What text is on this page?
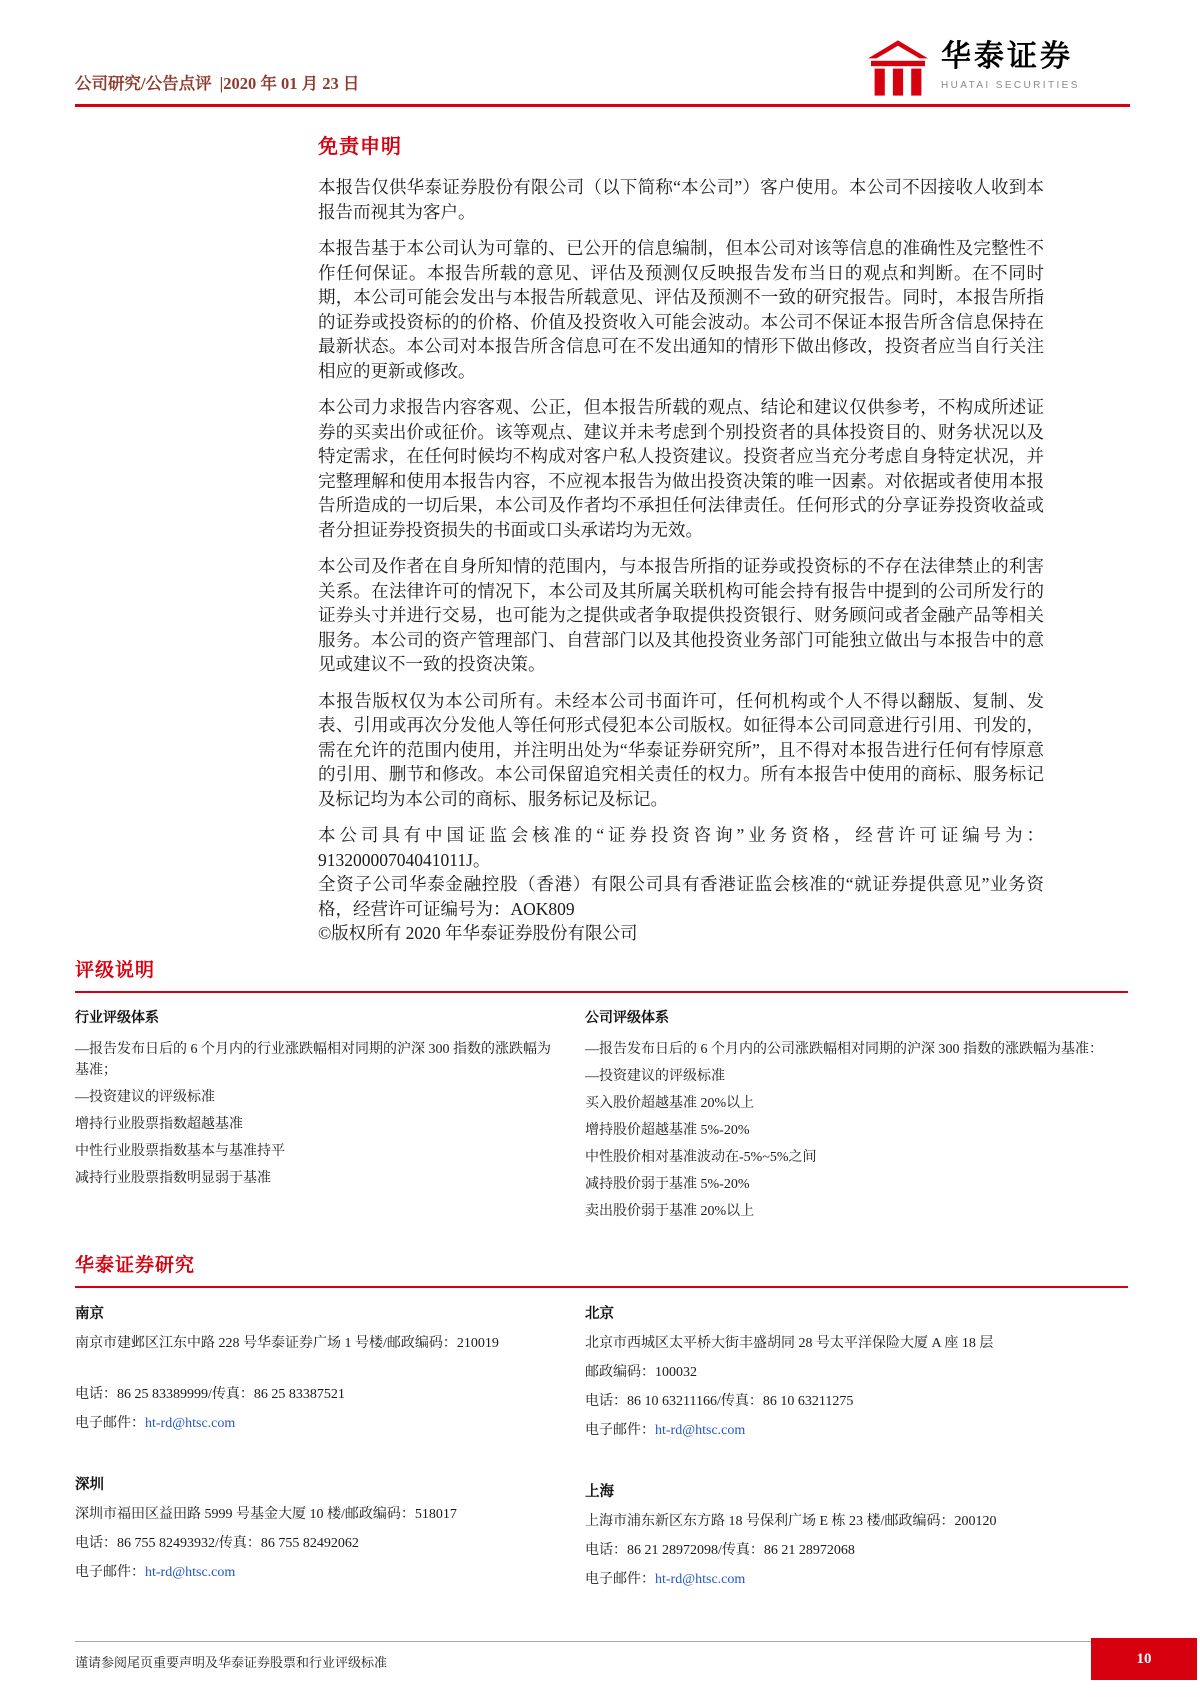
公司研究/公告点评 |2020 年 01 月 23 日
华泰证券
HUATAI SECURITIES
免责申明

本报告仅供华泰证券股份有限公司（以下简称“本公司”）客户使用。本公司不因接收人收到本报告而视其为客户。

本报告基于本公司认为可靠的、已公开的信息编制，但本公司对该等信息的准确性及完整性不作任何保证。本报告所载的意见、评估及预测仅反映报告发布当日的观点和判断。在不同时期，本公司可能会发出与本报告所载意见、评估及预测不一致的研究报告。同时，本报告所指的证券或投资标的的价格、价值及投资收入可能会波动。本公司不保证本报告所含信息保持在最新状态。本公司对本报告所含信息可在不发出通知的情形下做出修改，投资者应当自行关注相应的更新或修改。

本公司力求报告内容客观、公正，但本报告所载的观点、结论和建议仅供参考，不构成所述证券的买卖出价或征价。该等观点、建议并未考虑到个别投资者的具体投资目的、财务状况以及特定需求，在任何时候均不构成对客户私人投资建议。投资者应当充分考虑自身特定状况，并完整理解和使用本报告内容，不应视本报告为做出投资决策的唯一因素。对依据或者使用本报告所造成的一切后果，本公司及作者均不承担任何法律责任。任何形式的分享证券投资收益或者分担证券投资损失的书面或口头承诺均为无效。

本公司及作者在自身所知情的范围内，与本报告所指的证券或投资标的不存在法律禁止的利害关系。在法律许可的情况下，本公司及其所属关联机构可能会持有报告中提到的公司所发行的证券头寸并进行交易，也可能为之提供或者争取提供投资银行、财务顾问或者金融产品等相关服务。本公司的资产管理部门、自营部门以及其他投资业务部门可能独立做出与本报告中的意见或建议不一致的投资决策。

本报告版权仅为本公司所有。未经本公司书面许可，任何机构或个人不得以翻版、复制、发表、引用或再次分发他人等任何形式侵犯本公司版权。如征得本公司同意进行引用、刊发的，需在允许的范围内使用，并注明出处为“华泰证券研究所”，且不得对本报告进行任何有悖原意的引用、删节和修改。本公司保留追究相关责任的权力。所有本报告中使用的商标、服务标记及标记均为本公司的商标、服务标记及标记。

本公司具有中国证监会核准的“证券投资咨询”业务资格，经营许可证编号为：91320000704041011J。

全资子公司华泰金融控股（香港）有限公司具有香港证监会核准的“就证券提供意见”业务资格，经营许可证编号为：AOK809

©版权所有 2020 年华泰证券股份有限公司

评级说明
行业评级体系

—报告发布日后的 6 个月内的行业涨跌幅相对同期的沪深 300 指数的涨跌幅为基准；

—投资建议的评级标准

增持行业股票指数超越基准

中性行业股票指数基本与基准持平

减持行业股票指数明显弱于基准

公司评级体系

—报告发布日后的 6 个月内的公司涨跌幅相对同期的沪深 300 指数的涨跌幅为基准：

—投资建议的评级标准

买入股价超越基准 20%以上

增持股价超越基准 5%-20%

中性股价相对基准波动在-5%~5%之间

减持股价弱于基准 5%-20%

卖出股价弱于基准 20%以上

华泰证券研究
南京
南京市建邺区江东中路 228 号华泰证券广场 1 号楼/邮政编码：210019
电话：86 25 83389999/传真：86 25 83387521
电子邮件：ht-rd@htsc.com
深圳
深圳市福田区益田路 5999 号基金大厦 10 楼/邮政编码：518017
电话：86 755 82493932/传真：86 755 82492062
电子邮件：ht-rd@htsc.com
北京
北京市西城区太平桥大街丰盛胡同 28 号太平洋保险大厦 A 座 18 层
邮政编码：100032
电话：86 10 63211166/传真：86 10 63211275
电子邮件：ht-rd@htsc.com
上海
上海市浦东新区东方路 18 号保利广场 E 栋 23 楼/邮政编码：200120
电话：86 21 28972098/传真：86 21 28972068
电子邮件：ht-rd@htsc.com
谨请参阅尾页重要声明及华泰证券股票和行业评级标准	10
